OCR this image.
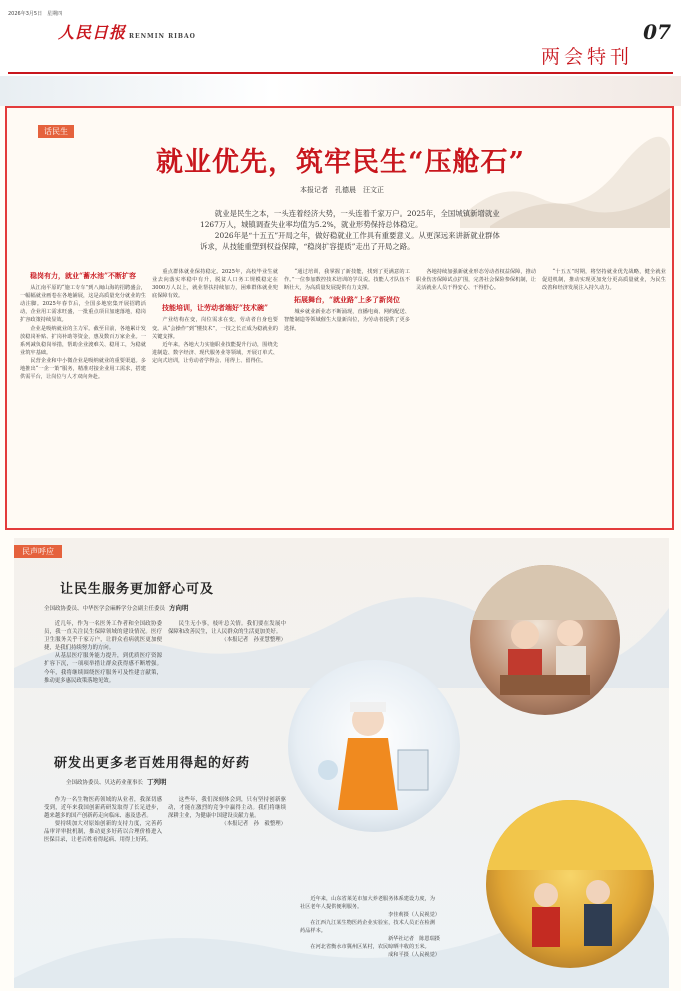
2026年3月5日　星期四
人民日报 RENMIN RIBAO	07
两会特刊
话民生
就业优先，筑牢民生“压舱石”
本报记者　孔德晨　汪文正

就业是民生之本，一头连着经济大势，一头连着千家万户。2025年，全国城镇新增就业1267万人，城镇调查失业率均值为5.2%，就业形势保持总体稳定。

2026年是“十五五”开局之年，做好稳就业工作具有重要意义。从更深远来讲新就业群体诉求，从技能重塑到权益保障，“稳岗扩容提质”走出了开局之路。

稳岗有力，就业“蓄水池”不断扩容

从江南平原的“施工专车”到八闽山海的招聘盛会，一幅幅就业画卷在各地铺展，这是高质量充分就业的生动注脚。2025年春节后，全国多地密集开展招聘活动，企业用工需求旺盛，一批重点项目加速落地，稳岗扩容政策持续显效。

企业是吸纳就业的主力军。截至目前，各地累计发放稳岗补贴、扩岗补助等资金，惠及数百万家企业。一系列减负稳岗举措，帮助企业渡难关、稳用工，为稳就业筑牢基础。

民营企业和中小微企业是吸纳就业的重要渠道。多地推出“一企一策”服务，精准对接企业用工需求，搭建供需平台，让岗位与人才双向奔赴。

重点群体就业保持稳定。2025年，高校毕业生就业去向落实率稳中有升，脱贫人口务工规模稳定在3000万人以上，就业帮扶持续加力，困难群体就业兜底保障有效。

技能培训，让劳动者端好“技术碗”

产业结构在变，岗位需求在变，劳动者自身也要变。从“会操作”到“懂技术”，一技之长正成为稳就业的关键支撑。

近年来，各地大力实施职业技能提升行动，围绕先进制造、数字经济、现代服务业等领域，开展订单式、定向式培训，让劳动者学得会、用得上、留得住。

“通过培训，我掌握了新技能，找到了更满意的工作。”一位参加数控技术培训的学员说。技能人才队伍不断壮大，为高质量发展提供有力支撑。

拓展舞台，“就业路”上多了新岗位

城乡就业新业态不断涌现，直播电商、网约配送、智能制造等领域催生大量新岗位，为劳动者提供了更多选择。

各地持续加强新就业形态劳动者权益保障，推动职业伤害保障试点扩围，完善社会保险参保机制，让灵活就业人员干得安心、干得舒心。

“十五五”时期，将坚持就业优先战略，健全就业促进机制，推动实现更加充分更高质量就业，为民生改善和经济发展注入持久动力。

民声呼应
让民生服务更加舒心可及
全国政协委员、中华医学会麻醉学分会副主任委员 方向明

近几年，作为一名医务工作者和全国政协委员，我一直关注民生保障领域的建设情况。医疗卫生服务关乎千家万户，让群众看病就医更加便捷，是我们持续努力的方向。

从基层医疗服务能力提升，到优质医疗资源扩容下沉，一项项举措让群众获得感不断增强。今年，我将继续围绕医疗服务可及性建言献策，推动更多惠民政策落地见效。

民生无小事，枝叶总关情。我们要在发展中保障和改善民生，让人民群众的生活更加美好。

（本报记者　孙亚慧整理）

研发出更多老百姓用得起的好药
全国政协委员、贝达药业董事长 丁列明

作为一名生物医药领域的从业者，我深切感受到，近年来我国创新药研发取得了长足进步，越来越多的国产创新药走向临床、惠及患者。

要持续加大对原始创新的支持力度，完善药品审评审批机制，推动更多好药以合理价格进入医保目录，让老百姓看得起病、用得上好药。

这些年，我们深刻体会到，只有坚持创新驱动，才能在激烈的竞争中赢得主动。我们将继续深耕主业，为健康中国建设贡献力量。

（本报记者　孙　毅整理）

近年来，山东省莱芜市加大养老服务体系建设力度，为社区老年人提供便利服务。

李佳莉摄（人民视觉）

在江西九江某生物医药企业实验室，技术人员正在检测药品样本。

新华社记者　陈恩瑞摄

在河北省衡水市冀州区某村，农民晾晒丰收的玉米。

成和平摄（人民视觉）
